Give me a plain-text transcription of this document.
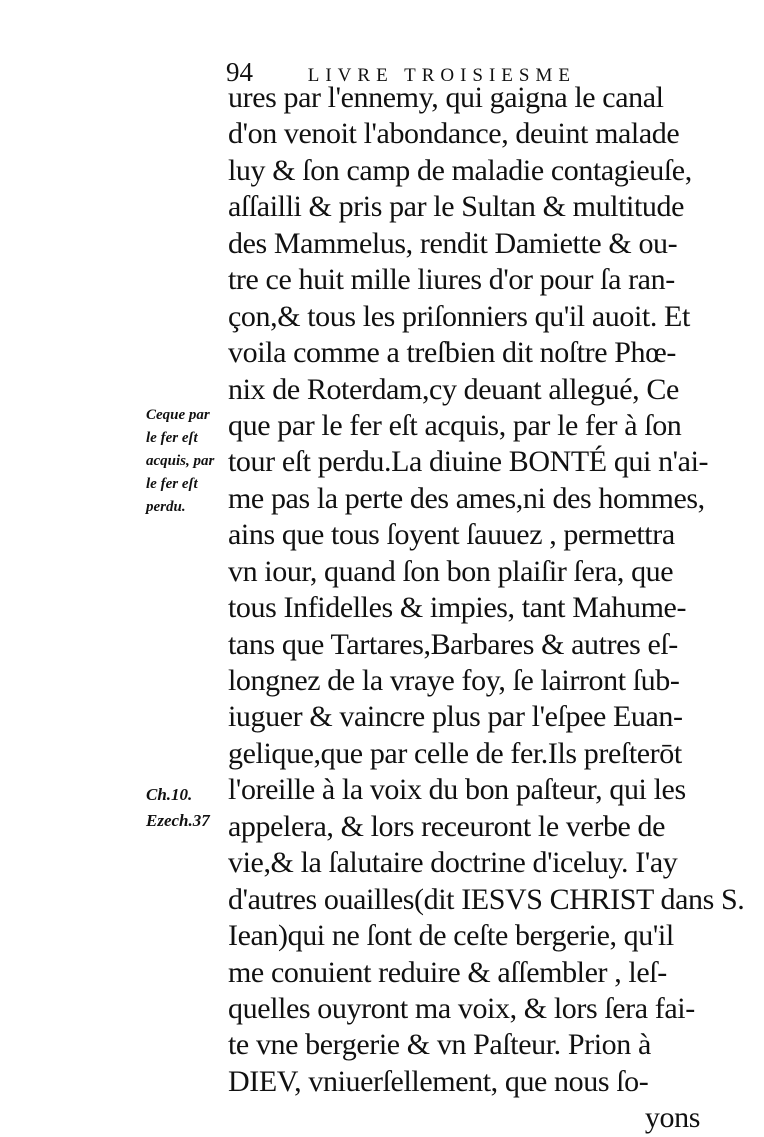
94	LIVRE TROISIESME
ures par l'ennemy, qui gaigna le canal
d'on venoit l'abondance, deuint malade
luy & ſon camp de maladie contagieuſe,
aſſailli & pris par le Sultan & multitude
des Mammelus, rendit Damiette & ou-
tre ce huit mille liures d'or pour ſa ran-
çon,& tous les priſonniers qu'il auoit. Et
voila comme a treſbien dit noſtre Phœ-
nix de Roterdam,cy deuant allegué, Ce
que par le fer eſt acquis, par le fer à ſon
tour eſt perdu.La diuine BONTÉ qui n'ai-
me pas la perte des ames,ni des hommes,
ains que tous ſoyent ſauuez , permettra
vn iour, quand ſon bon plaiſir ſera, que
tous Infidelles & impies, tant Mahume-
tans que Tartares,Barbares & autres eſ-
longnez de la vraye foy, ſe lairront ſub-
iuguer & vaincre plus par l'eſpee Euan-
gelique,que par celle de fer.Ils preſterōt
l'oreille à la voix du bon paſteur, qui les
appelera, & lors receuront le verbe de
vie,& la ſalutaire doctrine d'iceluy. I'ay
d'autres ouailles(dit IESVS CHRIST dans S.
Iean)qui ne ſont de ceſte bergerie, qu'il
me conuient reduire & aſſembler , leſ-
quelles ouyront ma voix, & lors ſera fai-
te vne bergerie & vn Paſteur. Prion à
DIEV, vniuerſellement, que nous ſo-
yons
Ceque par
le fer eſt
acquis, par
le fer eſt
perdu.
Ch.10.
Ezech.37
